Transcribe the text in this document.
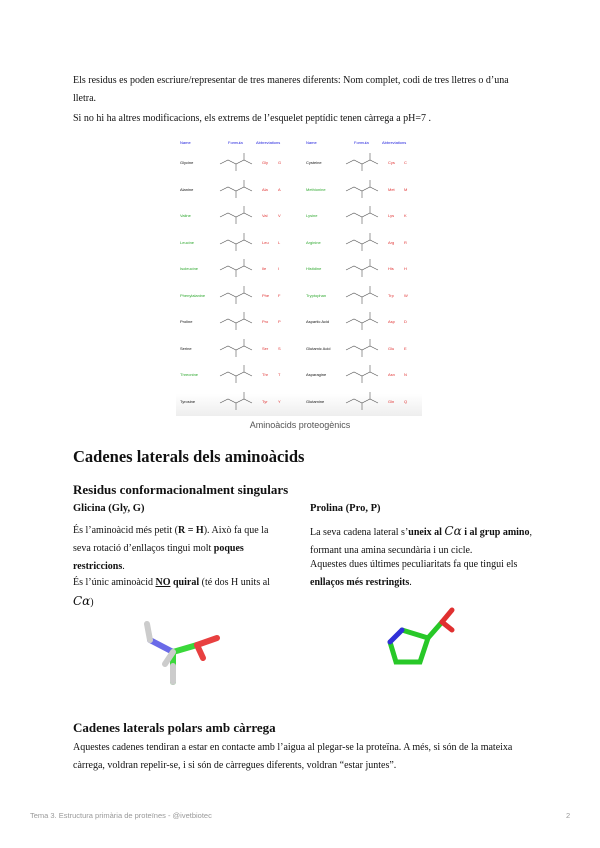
Els residus es poden escriure/representar de tres maneres diferents: Nom complet, codi de tres lletres o d’una lletra.

Si no hi ha altres modificacions, els extrems de l’esquelet peptídic tenen càrrega a pH=7 .

Name	Formula	Abbreviations
Glycine	Gly	G
Alanine	Ala	A
Valine	Val	V
Leucine	Leu L
Isoleucine	Ile	I
Phenylalanine	Phe F
Proline	Pro P
Serine	Ser S
Threonine	Thr	T
Tyrosine	Tyr	Y
Name	Formula	Abbreviations
Cysteine	Cys C
Methionine	Met M
Lysine	Lys K
Arginine	Arg R
Histidine	His	H
Tryptophan	Trp	W
Aspartic Acid	Asp D
Glutamic Acid	Glu E
Asparagine	Asn N
Glutamine	Gln Q
Aminoàcids proteogènics
Cadenes laterals dels aminoàcids
Residus conformacionalment singulars
Glicina (Gly, G)

És l’aminoàcid més petit (R = H). Això fa que la seva rotació d’enllaços tingui molt poques restriccions.

És l’únic aminoàcid NO quiral (té dos H units al Cα)

Prolina (Pro, P)

La seva cadena lateral s’uneix al Cα i al grup amino, formant una amina secundària i un cicle.

Aquestes dues últimes peculiaritats fa que tingui els enllaços més restringits.

Cadenes laterals polars amb càrrega

Aquestes cadenes tendiran a estar en contacte amb l’aigua al plegar-se la proteïna. A més, si són de la mateixa càrrega, voldran repelir-se, i si són de càrregues diferents, voldran “estar juntes”.

Tema 3. Estructura primària de proteïnes - @ivetbiotec	2
